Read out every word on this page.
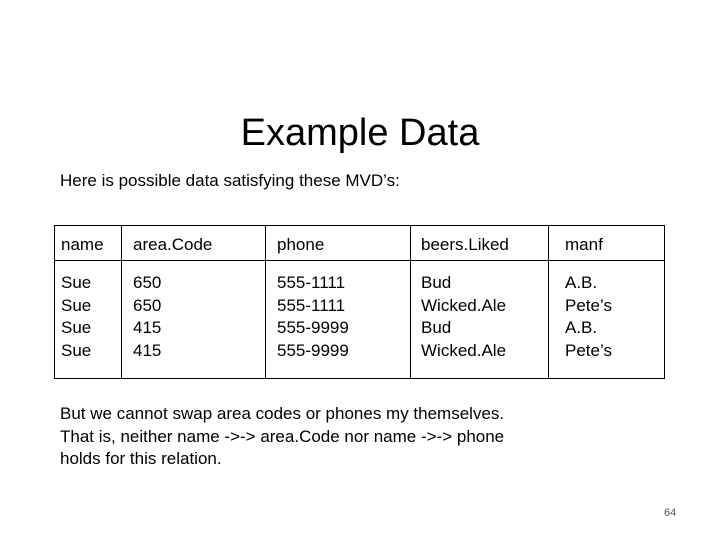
Example Data
Here is possible data satisfying these MVD’s:
name
Sue
Sue
Sue
Sue
area.Code
650
650
415
415
phone
555-1111
555-1111
555-9999
555-9999
beers.Liked
Bud
Wicked.Ale
Bud
Wicked.Ale
manf
A.B.
Pete’s
A.B.
Pete’s
But we cannot swap area codes or phones my themselves.
That is, neither name ->-> area.Code nor name ->-> phone
holds for this relation.
64
